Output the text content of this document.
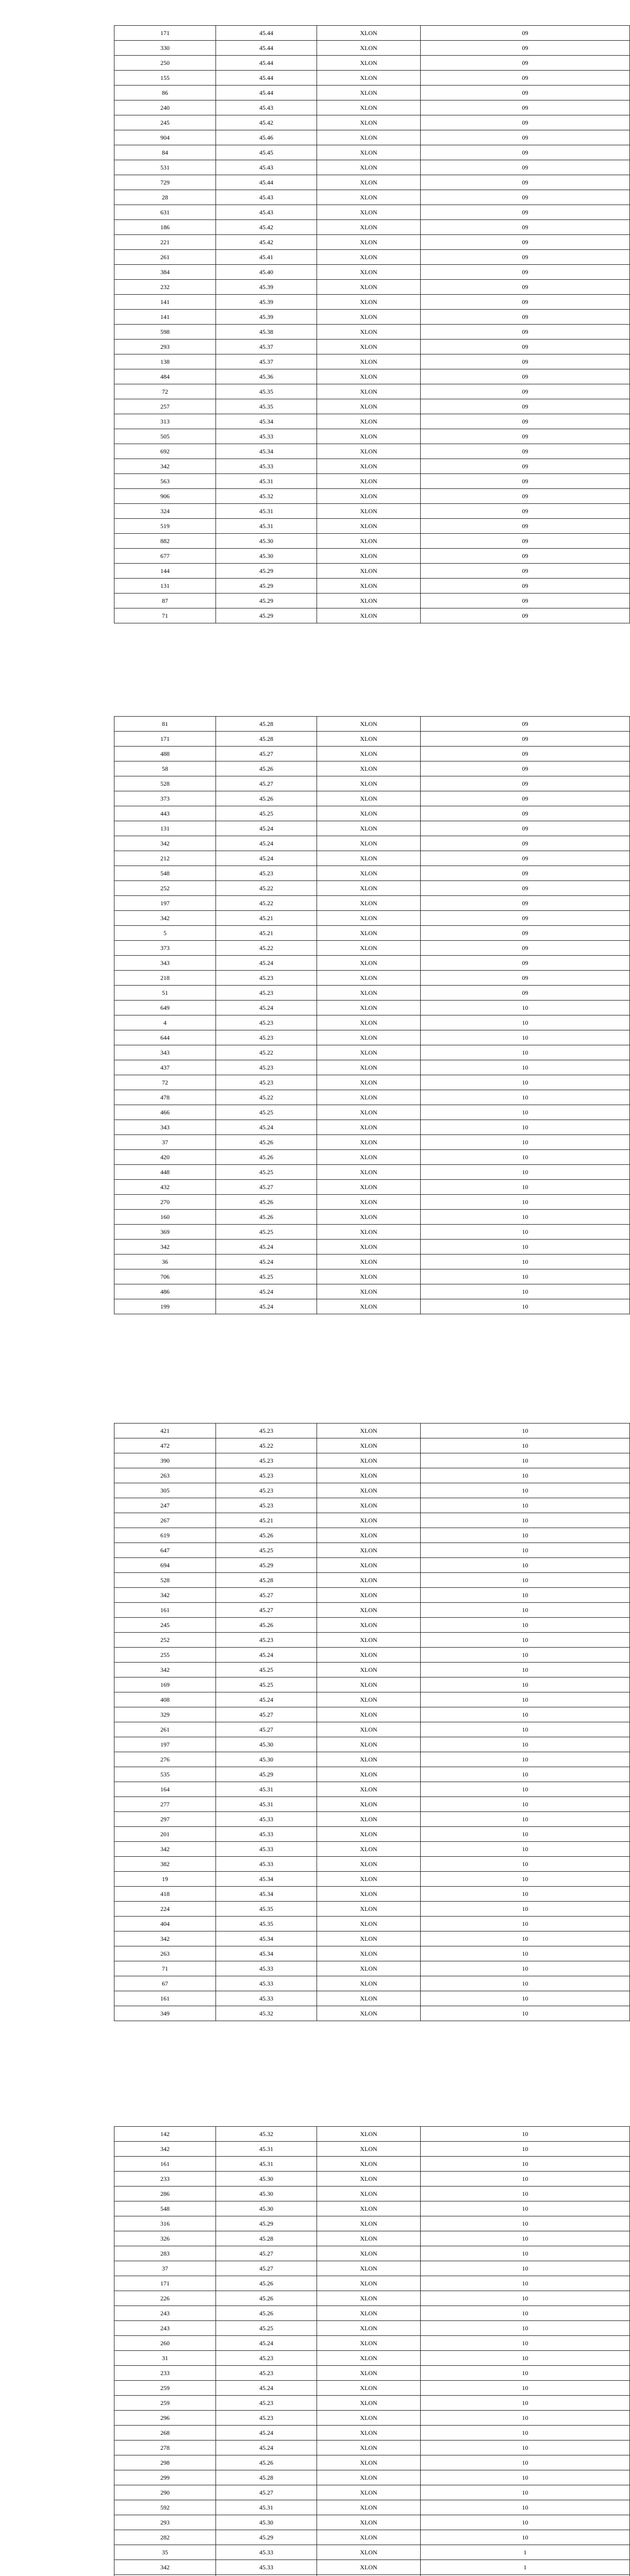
171	45.44	XLON	09
330	45.44	XLON	09
250	45.44	XLON	09
155	45.44	XLON	09
86	45.44	XLON	09
240	45.43	XLON	09
245	45.42	XLON	09
904	45.46	XLON	09
84	45.45	XLON	09
531	45.43	XLON	09
729	45.44	XLON	09
28	45.43	XLON	09
631	45.43	XLON	09
186	45.42	XLON	09
221	45.42	XLON	09
261	45.41	XLON	09
384	45.40	XLON	09
232	45.39	XLON	09
141	45.39	XLON	09
141	45.39	XLON	09
598	45.38	XLON	09
293	45.37	XLON	09
138	45.37	XLON	09
484	45.36	XLON	09
72	45.35	XLON	09
257	45.35	XLON	09
313	45.34	XLON	09
505	45.33	XLON	09
692	45.34	XLON	09
342	45.33	XLON	09
563	45.31	XLON	09
906	45.32	XLON	09
324	45.31	XLON	09
519	45.31	XLON	09
882	45.30	XLON	09
677	45.30	XLON	09
144	45.29	XLON	09
131	45.29	XLON	09
87	45.29	XLON	09
71	45.29	XLON	09
81	45.28	XLON	09
171	45.28	XLON	09
488	45.27	XLON	09
58	45.26	XLON	09
528	45.27	XLON	09
373	45.26	XLON	09
443	45.25	XLON	09
131	45.24	XLON	09
342	45.24	XLON	09
212	45.24	XLON	09
548	45.23	XLON	09
252	45.22	XLON	09
197	45.22	XLON	09
342	45.21	XLON	09
5	45.21	XLON	09
373	45.22	XLON	09
343	45.24	XLON	09
218	45.23	XLON	09
51	45.23	XLON	09
649	45.24	XLON	10
4	45.23	XLON	10
644	45.23	XLON	10
343	45.22	XLON	10
437	45.23	XLON	10
72	45.23	XLON	10
478	45.22	XLON	10
466	45.25	XLON	10
343	45.24	XLON	10
37	45.26	XLON	10
420	45.26	XLON	10
448	45.25	XLON	10
432	45.27	XLON	10
270	45.26	XLON	10
160	45.26	XLON	10
369	45.25	XLON	10
342	45.24	XLON	10
36	45.24	XLON	10
706	45.25	XLON	10
486	45.24	XLON	10
199	45.24	XLON	10
421	45.23	XLON	10
472	45.22	XLON	10
390	45.23	XLON	10
263	45.23	XLON	10
305	45.23	XLON	10
247	45.23	XLON	10
267	45.21	XLON	10
619	45.26	XLON	10
647	45.25	XLON	10
694	45.29	XLON	10
528	45.28	XLON	10
342	45.27	XLON	10
161	45.27	XLON	10
245	45.26	XLON	10
252	45.23	XLON	10
255	45.24	XLON	10
342	45.25	XLON	10
169	45.25	XLON	10
408	45.24	XLON	10
329	45.27	XLON	10
261	45.27	XLON	10
197	45.30	XLON	10
276	45.30	XLON	10
535	45.29	XLON	10
164	45.31	XLON	10
277	45.31	XLON	10
297	45.33	XLON	10
201	45.33	XLON	10
342	45.33	XLON	10
382	45.33	XLON	10
19	45.34	XLON	10
418	45.34	XLON	10
224	45.35	XLON	10
404	45.35	XLON	10
342	45.34	XLON	10
263	45.34	XLON	10
71	45.33	XLON	10
67	45.33	XLON	10
161	45.33	XLON	10
349	45.32	XLON	10
142	45.32	XLON	10
342	45.31	XLON	10
161	45.31	XLON	10
233	45.30	XLON	10
286	45.30	XLON	10
548	45.30	XLON	10
316	45.29	XLON	10
326	45.28	XLON	10
283	45.27	XLON	10
37	45.27	XLON	10
171	45.26	XLON	10
226	45.26	XLON	10
243	45.26	XLON	10
243	45.25	XLON	10
260	45.24	XLON	10
31	45.23	XLON	10
233	45.23	XLON	10
259	45.24	XLON	10
259	45.23	XLON	10
296	45.23	XLON	10
268	45.24	XLON	10
278	45.24	XLON	10
298	45.26	XLON	10
299	45.28	XLON	10
290	45.27	XLON	10
592	45.31	XLON	10
293	45.30	XLON	10
282	45.29	XLON	10
35	45.33	XLON	1
342	45.33	XLON	1
